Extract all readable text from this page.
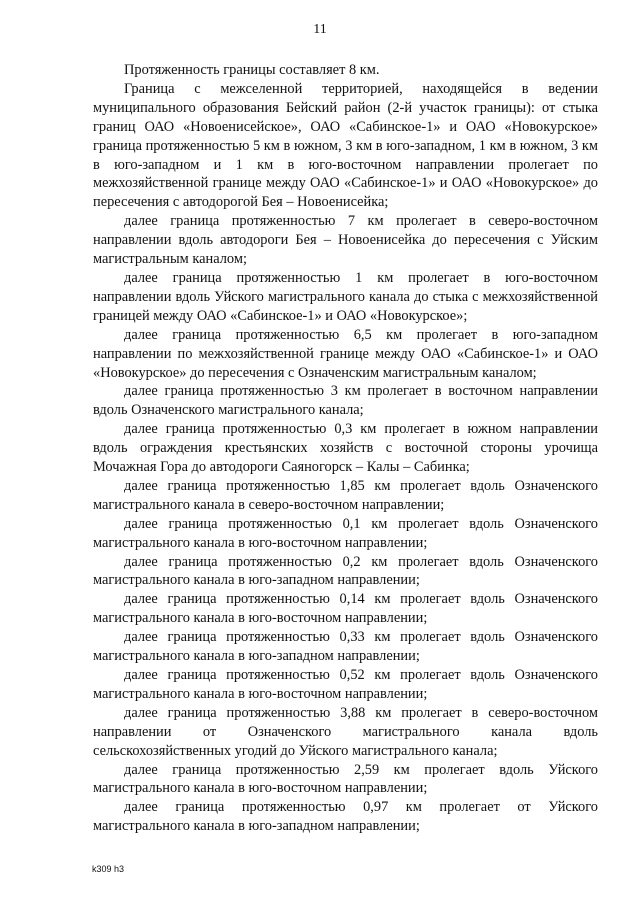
11

Протяженность границы составляет 8 км.

Граница с межселенной территорией, находящейся в ведении муниципального образования Бейский район (2-й участок границы): от стыка границ ОАО «Новоенисейское», ОАО «Сабинское-1» и ОАО «Новокурское» граница протяженностью 5 км в южном, 3 км в юго-западном, 1 км в южном, 3 км в юго-западном и 1 км в юго-восточном направлении пролегает по межхозяйственной границе между ОАО «Сабинское-1» и ОАО «Новокурское» до пересечения с автодорогой Бея – Новоенисейка;

далее граница протяженностью 7 км пролегает в северо-восточном направлении вдоль автодороги Бея – Новоенисейка до пересечения с Уйским магистральным каналом;

далее граница протяженностью 1 км пролегает в юго-восточном направлении вдоль Уйского магистрального канала до стыка с межхозяйственной границей между ОАО «Сабинское-1» и ОАО «Новокурское»;

далее граница протяженностью 6,5 км пролегает в юго-западном направлении по межхозяйственной границе между ОАО «Сабинское-1» и ОАО «Новокурское» до пересечения с Означенским магистральным каналом;

далее граница протяженностью 3 км пролегает в восточном направлении вдоль Означенского магистрального канала;

далее граница протяженностью 0,3 км пролегает в южном направлении вдоль ограждения крестьянских хозяйств с восточной стороны урочища Мочажная Гора до автодороги Саяногорск – Калы – Сабинка;

далее граница протяженностью 1,85 км пролегает вдоль Означенского магистрального канала в северо-восточном направлении;

далее граница протяженностью 0,1 км пролегает вдоль Означенского магистрального канала в юго-восточном направлении;

далее граница протяженностью 0,2 км пролегает вдоль Означенского магистрального канала в юго-западном направлении;

далее граница протяженностью 0,14 км пролегает вдоль Означенского магистрального канала в юго-восточном направлении;

далее граница протяженностью 0,33 км пролегает вдоль Означенского магистрального канала в юго-западном направлении;

далее граница протяженностью 0,52 км пролегает вдоль Означенского магистрального канала в юго-восточном направлении;

далее граница протяженностью 3,88 км пролегает в северо-восточном направлении от Означенского магистрального канала вдоль сельскохозяйственных угодий до Уйского магистрального канала;

далее граница протяженностью 2,59 км пролегает вдоль Уйского магистрального канала в юго-восточном направлении;

далее граница протяженностью 0,97 км пролегает от Уйского магистрального канала в юго-западном направлении;

k309 h3
